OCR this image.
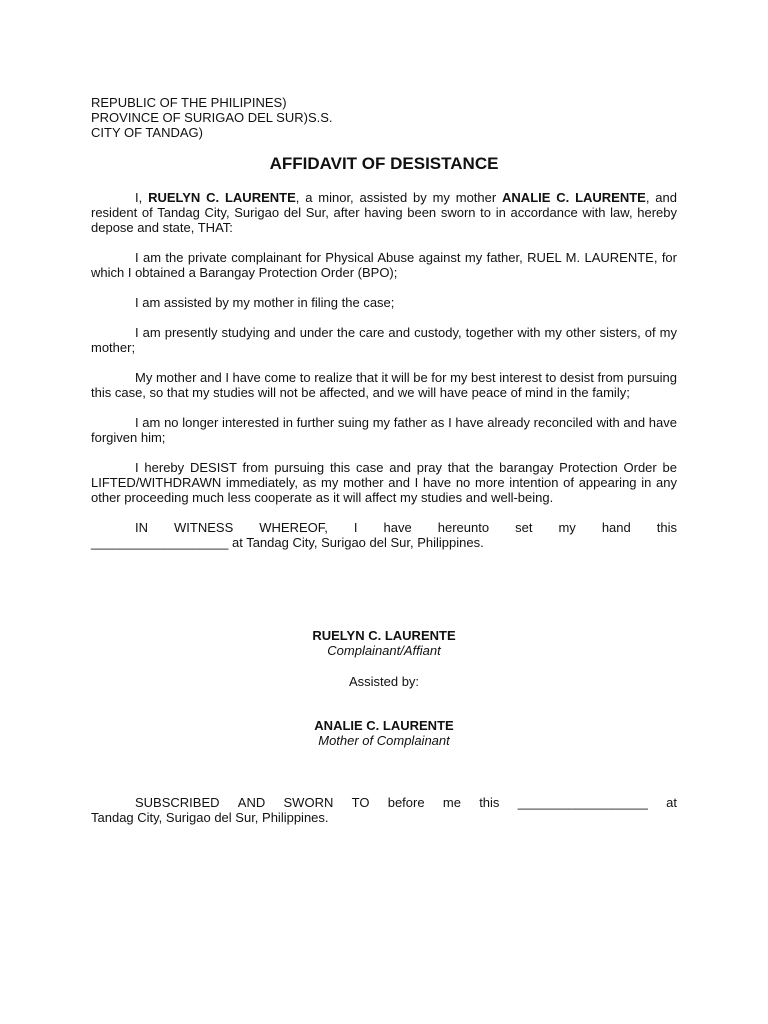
REPUBLIC OF THE PHILIPINES)
PROVINCE OF SURIGAO DEL SUR)S.S.
CITY OF TANDAG)
AFFIDAVIT OF DESISTANCE

I, RUELYN C. LAURENTE, a minor, assisted by my mother ANALIE C. LAURENTE, and resident of Tandag City, Surigao del Sur, after having been sworn to in accordance with law, hereby depose and state, THAT:

I am the private complainant for Physical Abuse against my father, RUEL M. LAURENTE, for which I obtained a Barangay Protection Order (BPO);

I am assisted by my mother in filing the case;

I am presently studying and under the care and custody, together with my other sisters, of my mother;

My mother and I have come to realize that it will be for my best interest to desist from pursuing this case, so that my studies will not be affected, and we will have peace of mind in the family;

I am no longer interested in further suing my father as I have already reconciled with and have forgiven him;

I hereby DESIST from pursuing this case and pray that the barangay Protection Order be LIFTED/WITHDRAWN immediately, as my mother and I have no more intention of appearing in any other proceeding much less cooperate as it will affect my studies and well-being.

IN WITNESS WHEREOF, I have hereunto set my hand this
___________________ at Tandag City, Surigao del Sur, Philippines.
RUELYN C. LAURENTE
Complainant/Affiant
Assisted by:
ANALIE C. LAURENTE
Mother of Complainant
SUBSCRIBED AND SWORN TO before me this __________________ at
Tandag City, Surigao del Sur, Philippines.
